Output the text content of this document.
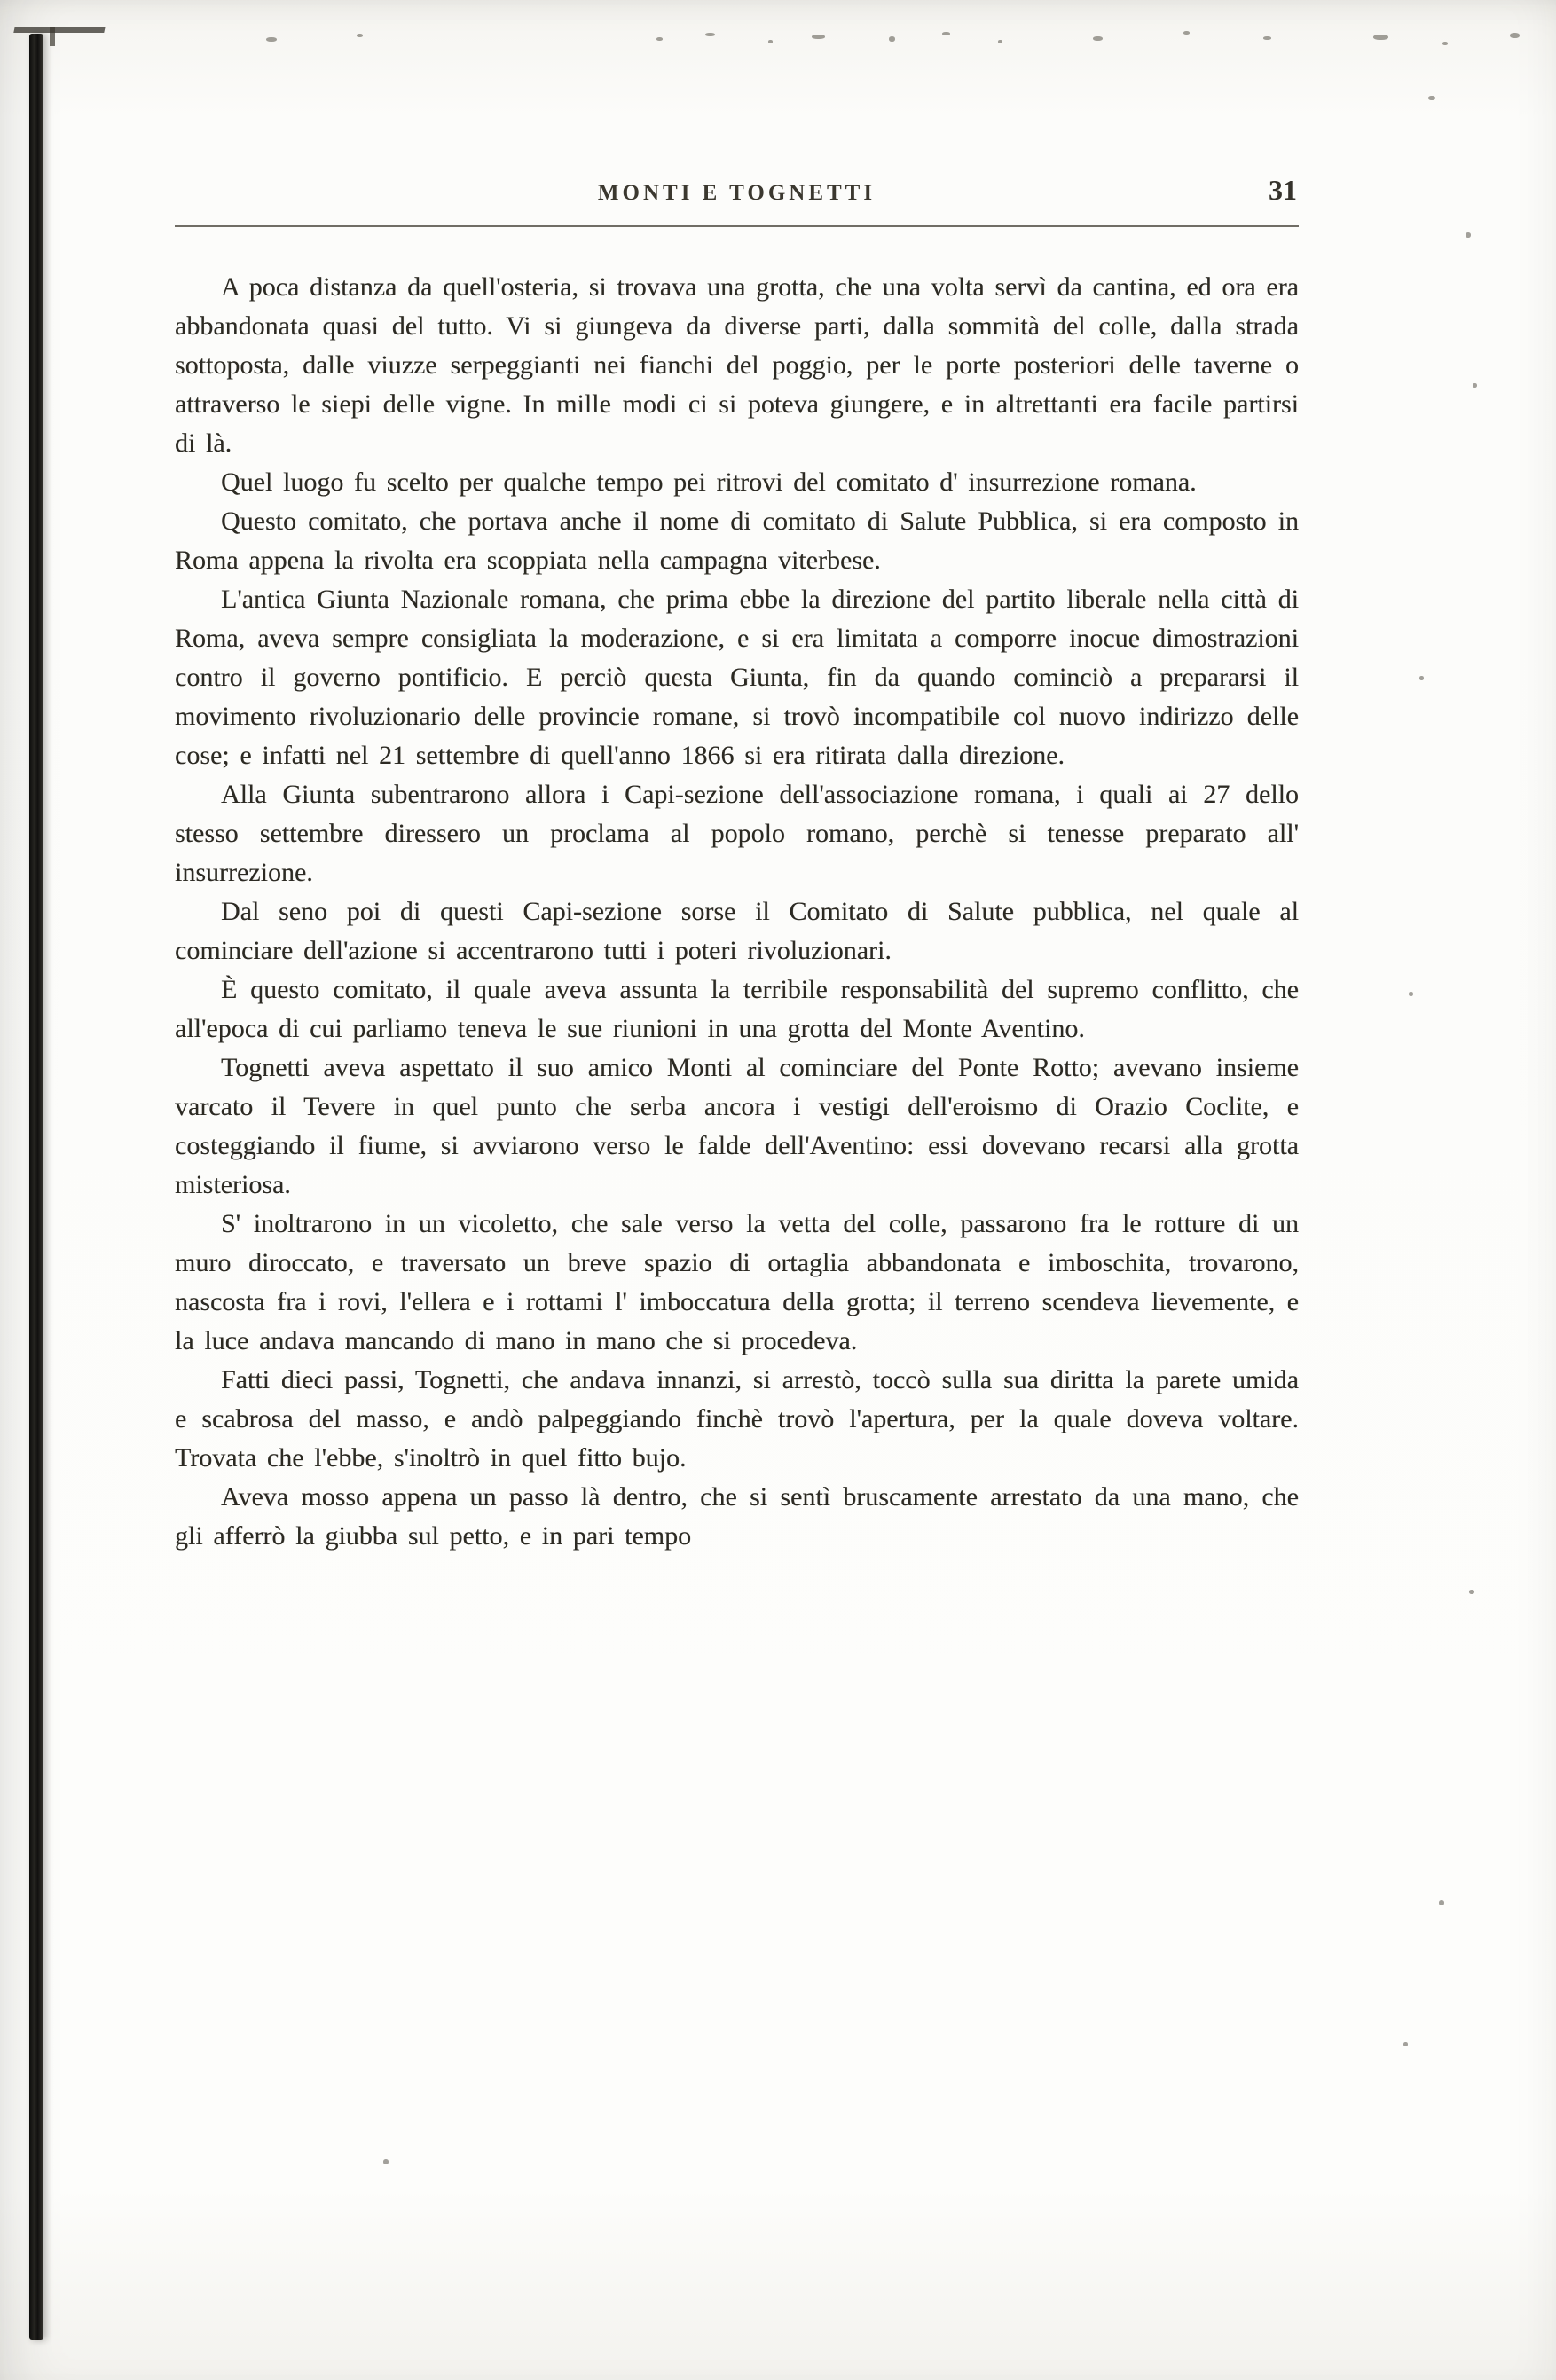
MONTI E TOGNETTI	31

A poca distanza da quell'osteria, si trovava una grotta, che una volta servì da cantina, ed ora era abbandonata quasi del tutto. Vi si giungeva da diverse parti, dalla sommità del colle, dalla strada sottoposta, dalle viuzze serpeggianti nei fianchi del poggio, per le porte posteriori delle taverne o attraverso le siepi delle vigne. In mille modi ci si poteva giungere, e in altrettanti era facile partirsi di là.

Quel luogo fu scelto per qualche tempo pei ritrovi del comitato d' insurrezione romana.

Questo comitato, che portava anche il nome di comitato di Salute Pubblica, si era composto in Roma appena la rivolta era scoppiata nella campagna viterbese.

L'antica Giunta Nazionale romana, che prima ebbe la direzione del partito liberale nella città di Roma, aveva sempre consigliata la moderazione, e si era limitata a comporre inocue dimostrazioni contro il governo pontificio. E perciò questa Giunta, fin da quando cominciò a prepararsi il movimento rivoluzionario delle provincie romane, si trovò incompatibile col nuovo indirizzo delle cose; e infatti nel 21 settembre di quell'anno 1866 si era ritirata dalla direzione.

Alla Giunta subentrarono allora i Capi-sezione dell'associazione romana, i quali ai 27 dello stesso settembre diressero un proclama al popolo romano, perchè si tenesse preparato all' insurrezione.

Dal seno poi di questi Capi-sezione sorse il Comitato di Salute pubblica, nel quale al cominciare dell'azione si accentrarono tutti i poteri rivoluzionari.

È questo comitato, il quale aveva assunta la terribile responsabilità del supremo conflitto, che all'epoca di cui parliamo teneva le sue riunioni in una grotta del Monte Aventino.

Tognetti aveva aspettato il suo amico Monti al cominciare del Ponte Rotto; avevano insieme varcato il Tevere in quel punto che serba ancora i vestigi dell'eroismo di Orazio Coclite, e costeggiando il fiume, si avviarono verso le falde dell'Aventino: essi dovevano recarsi alla grotta misteriosa.

S' inoltrarono in un vicoletto, che sale verso la vetta del colle, passarono fra le rotture di un muro diroccato, e traversato un breve spazio di ortaglia abbandonata e imboschita, trovarono, nascosta fra i rovi, l'ellera e i rottami l' imboccatura della grotta; il terreno scendeva lievemente, e la luce andava mancando di mano in mano che si procedeva.

Fatti dieci passi, Tognetti, che andava innanzi, si arrestò, toccò sulla sua diritta la parete umida e scabrosa del masso, e andò palpeggiando finchè trovò l'apertura, per la quale doveva voltare. Trovata che l'ebbe, s'inoltrò in quel fitto bujo.

Aveva mosso appena un passo là dentro, che si sentì bruscamente arrestato da una mano, che gli afferrò la giubba sul petto, e in pari tempo
